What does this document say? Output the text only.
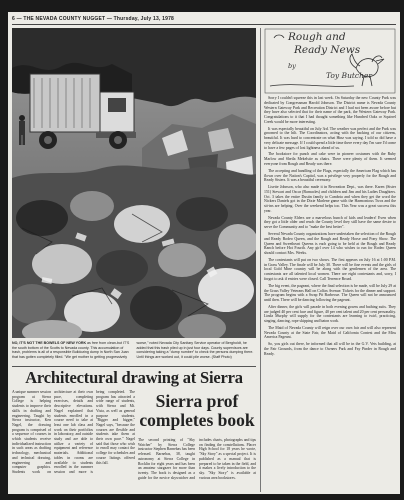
6 — THE NEVADA COUNTY NUGGET — Thursday, July 13, 1978
NO, IT'S NOT THE BOWELS OF NEW YORK as free from clean-but IT'S the south bottom of the Scotts to Nevada county. This accumulation of trash, problems is all of a responsible Bulldozing dump in North San Juan that has gotten completely filled. "We get mother to getting progressively worse," noted Nevada City Sanitary Service operator of Bergholdt, he added that this trash piled up in just four days. County supervisors are considering taking a "dump number" to check the persons dumping there. Until things are worked out, it could pile worse. (Staff Photo)
Architectural drawing at Sierra
A unique summer session program at Sierra College is helping students to improve their skills in drafting and engineering. Taught by Sierra instructor, Ken Nagel, the drawing program is comprised of a sequence of courses in which students receive individualized instruction in such areas as drafting technology, mechanical and technical drawing, engineering and computer graphics. Students work on architecture at their own pace, completing exercises, details and descriptive elevations. Nagel explained that students enrolled in a course need to take at least one lab class and work on their portfolios in laboratory, and outside study and are able to utilize a variety of equipment and reference materials. Additional tables in rooms are available to students enrolled in the summer session and more is being completed. The program has attracted a wide range of students, with Sierra and Mt. Vista, as well as general purpose students. "Bigger and bigger," Nagel says, "because the courses are flexible and students take them at their own pace." Nagel said that those who wish to enroll may contact the college for schedules and course listings offered this fall.
Sierra prof completes book
The second printing of "Sky Watcher" by Sierra College instructor Stephen Barnebas has been released. Barnebas, 38, taught astronomy at Sierra College in Rocklin for eight years and has been an amateur stargazer for more than twenty. The book is designed as a guide for the novice skywatcher and includes charts, photographs and tips on finding the constellations. Placer High School for 18 years he wrote, "Sky Story" as a special project. It is published as a manual that is prepared to be taken in the field, and it makes a lively introduction to the sky. "Sky Story" is available at various area bookstores.
Rough and
Ready News
by
Toy Butcher

Sorry I couldn't squeeze this in last week. On Saturday the new County Park was dedicated by Congressman Harold Johnson. The District name is Nevada County Western Gateway Park and Recreation District and I had not been aware before but they have also selected that for their name of the park, the Western Gateway Park. Congratulations to it that I had thought something like Hundred Oaks or Squirrel Creek would be more interesting.

It was especially beautiful on July 3rd. The weather was perfect and the Park was groomed to the hilt. The Coordinators, acting with the backing of our citizens, beautiful. It was hard to concentrate on what Hinz was saying. I told so did have a very delicate message. If I could spend a little time there every day I'm sure I'd come to have a few pages of lost lightness ahead of us.

The bookstore for punch and cake were in pioneer costumes with the Ruby Marlow and Sheila Mekelstie as chairs. There were plenty of them. It seemed everyone from Rough and Ready was there.

The accepting and handling of the Flags, especially the American Flag which has flown over the Nation's Capitol, was a privilege very properly for the Rough and Ready Sisters. It was a beautiful ceremony.

Lisette Johnson, who also made it in Recreation Dept., was there. Karen (Sister 151) Stewart and Oscar (Barnacles) and children and Jim and his Ladies Daughters. Oct. 3 takes the entire Dustin family to Cambria and when they get the word the Nickers Daniels got in the Dixie Marlene game with the Harmonious Twos and the sit-ins are helping. Over the weekend helps too. This Year was a great success this year.

Nevada County Elders are a marvelous bunch of kids and leaders! Even when they got a little older and reach the County level they still have the same desire to serve the Community and to "make the best better".

Several Nevada County organizations have undertaken the selection of the Rough and Ready Rodeo Queen, and the Rough and Ready Horse and Pony Show. The Queen and Sweetheart Queens is each going to be held at the Rough and Ready Ranch before Hot Fourth. Any girl over 14 who wishes to run for Rodeo Queen should contact Mrs. Weeks.

The contestants will put on two shows. The first appears on July 16 at 1:00 P.M. in Grass Valley. The finale will be July 30. There will be fine events and the girls of local Gold Mine country will be along with the gentlemen of the area. The contestants are all talented local women. There are eight contestants and, sorry, I forgot to ask if entries were closed. Call Terrence Broad.

The big event, the pageant, where the final selection is be made, will be July 29 at the Grass Valley Veterans Hall on Colfax Avenue. Tickets for the dinner and support. The program begins with a Swap Pit Barbecue. The Queen will not be announced until then. There will be dancing following the pageant.

After dinner, the girls will parade in both evening gowns and bathing suits. They are judged 40 per cent face and figure, 40 per cent talent and 20 per cent personality. Linda Murphy will supply for the contestants are learning to twirl, practicing, singing, dancing, rope skipping and baton work.

The Maid of Nevada County will reign over our own fair and will also represent Nevada County at the State Fair, the Maid of California Contest and the Miss America Pageant.

So, you girls out there, be informed that all will be in the G.V. Vets building, at the Fair Grounds, from the dance to Owners Park and Fay Pinder in Rough and Ready.
